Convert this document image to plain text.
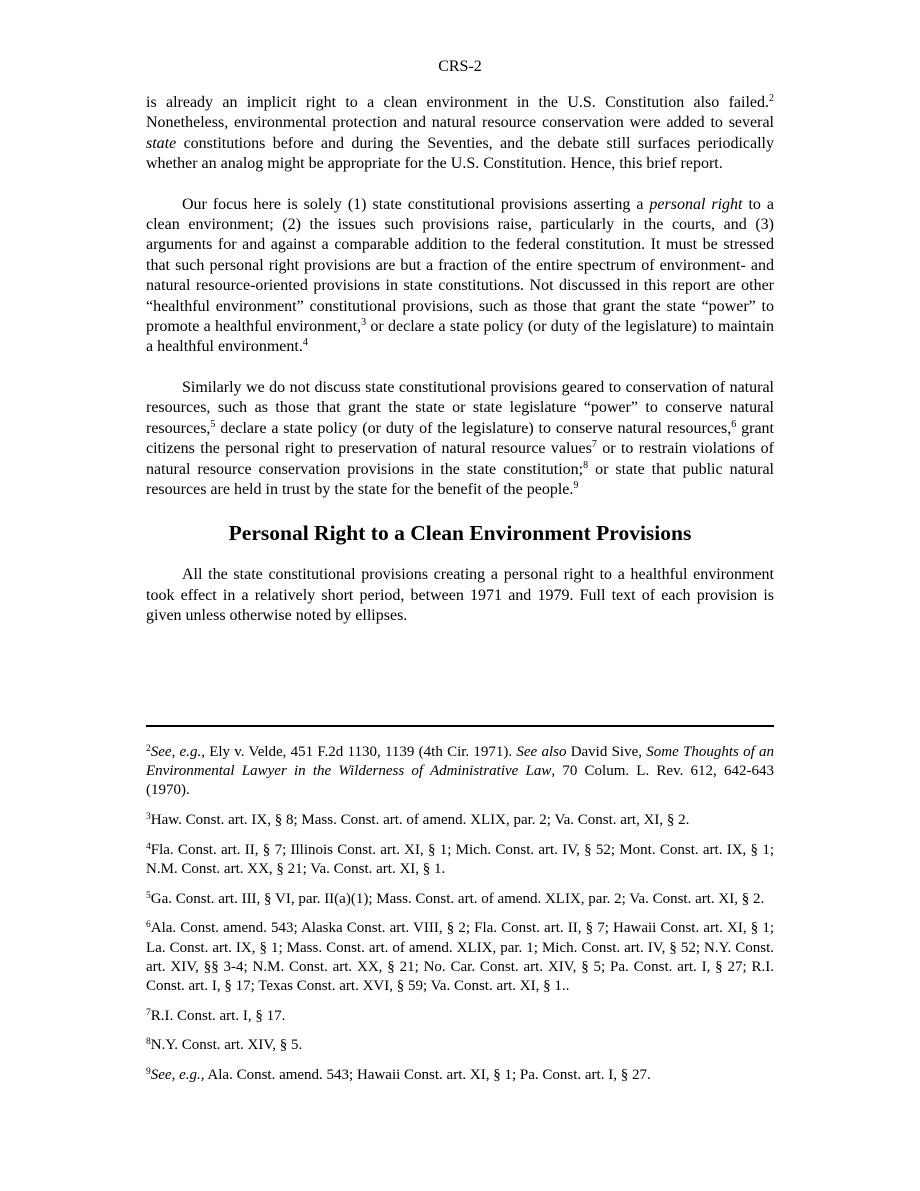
CRS-2

is already an implicit right to a clean environment in the U.S. Constitution also failed.$^2$ Nonetheless, environmental protection and natural resource conservation were added to several state constitutions before and during the Seventies, and the debate still surfaces periodically whether an analog might be appropriate for the U.S. Constitution. Hence, this brief report.

Our focus here is solely (1) state constitutional provisions asserting a personal right to a clean environment; (2) the issues such provisions raise, particularly in the courts, and (3) arguments for and against a comparable addition to the federal constitution. It must be stressed that such personal right provisions are but a fraction of the entire spectrum of environment- and natural resource-oriented provisions in state constitutions. Not discussed in this report are other “healthful environment” constitutional provisions, such as those that grant the state “power” to promote a healthful environment,$^3$ or declare a state policy (or duty of the legislature) to maintain a healthful environment.$^4$

Similarly we do not discuss state constitutional provisions geared to conservation of natural resources, such as those that grant the state or state legislature “power” to conserve natural resources,$^5$ declare a state policy (or duty of the legislature) to conserve natural resources,$^6$ grant citizens the personal right to preservation of natural resource values$^7$ or to restrain violations of natural resource conservation provisions in the state constitution;$^8$ or state that public natural resources are held in trust by the state for the benefit of the people.$^9$

Personal Right to a Clean Environment Provisions

All the state constitutional provisions creating a personal right to a healthful environment took effect in a relatively short period, between 1971 and 1979. Full text of each provision is given unless otherwise noted by ellipses.

$^2$See, e.g., Ely v. Velde, 451 F.2d 1130, 1139 (4th Cir. 1971). See also David Sive, Some Thoughts of an Environmental Lawyer in the Wilderness of Administrative Law, 70 Colum. L. Rev. 612, 642-643 (1970).

$^3$Haw. Const. art. IX, § 8; Mass. Const. art. of amend. XLIX, par. 2; Va. Const. art, XI, § 2.

$^4$Fla. Const. art. II, § 7; Illinois Const. art. XI, § 1; Mich. Const. art. IV, § 52; Mont. Const. art. IX, § 1; N.M. Const. art. XX, § 21; Va. Const. art. XI, § 1.

$^5$Ga. Const. art. III, § VI, par. II(a)(1); Mass. Const. art. of amend. XLIX, par. 2; Va. Const. art. XI, § 2.

$^6$Ala. Const. amend. 543; Alaska Const. art. VIII, § 2; Fla. Const. art. II, § 7; Hawaii Const. art. XI, § 1; La. Const. art. IX, § 1; Mass. Const. art. of amend. XLIX, par. 1; Mich. Const. art. IV, § 52; N.Y. Const. art. XIV, §§ 3-4; N.M. Const. art. XX, § 21; No. Car. Const. art. XIV, § 5; Pa. Const. art. I, § 27; R.I. Const. art. I, § 17; Texas Const. art. XVI, § 59; Va. Const. art. XI, § 1..

$^7$R.I. Const. art. I, § 17.

$^8$N.Y. Const. art. XIV, § 5.

$^9$See, e.g., Ala. Const. amend. 543; Hawaii Const. art. XI, § 1; Pa. Const. art. I, § 27.
